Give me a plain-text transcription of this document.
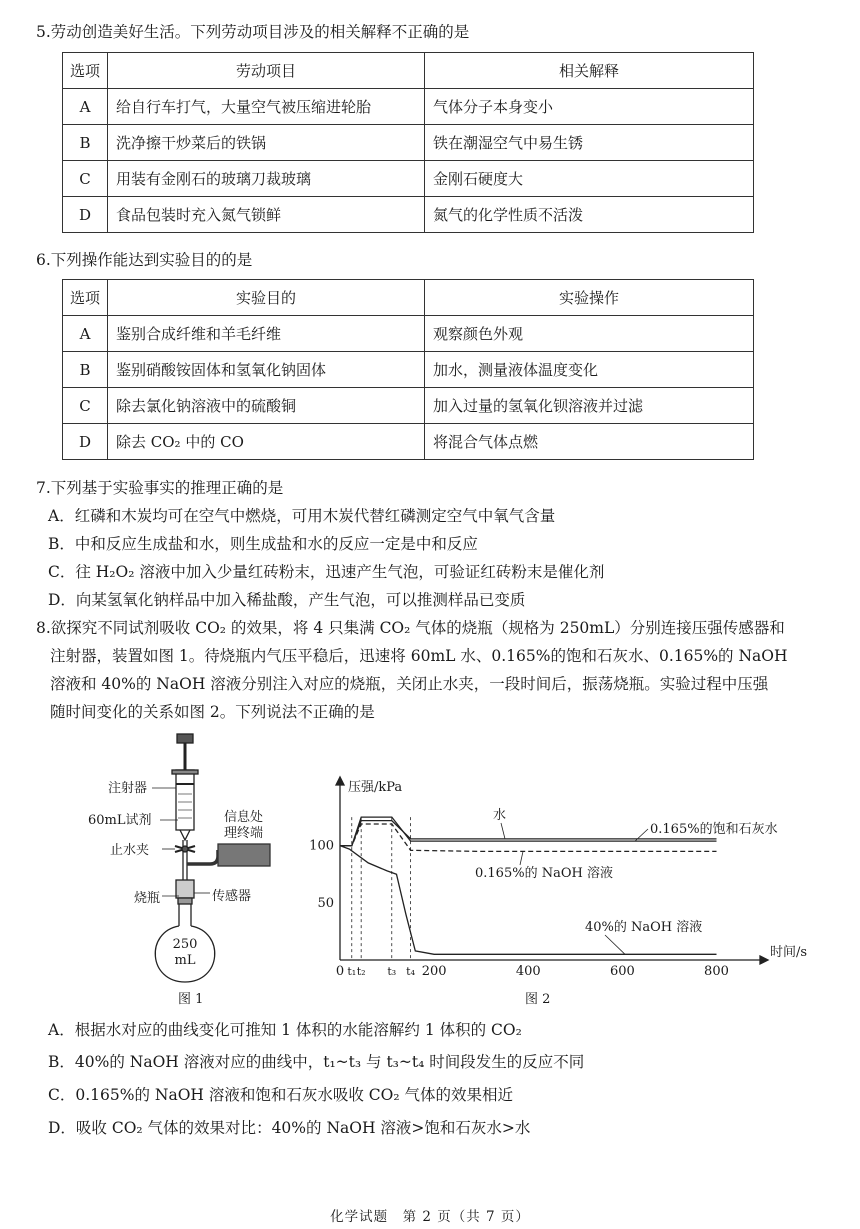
5.劳动创造美好生活。下列劳动项目涉及的相关解释不正确的是
选项	劳动项目	相关解释
A	给自行车打气，大量空气被压缩进轮胎	气体分子本身变小
B	洗净擦干炒菜后的铁锅	铁在潮湿空气中易生锈
C	用装有金刚石的玻璃刀裁玻璃	金刚石硬度大
D	食品包装时充入氮气锁鲜	氮气的化学性质不活泼
6.下列操作能达到实验目的的是
选项	实验目的	实验操作
A	鉴别合成纤维和羊毛纤维	观察颜色外观
B	鉴别硝酸铵固体和氢氧化钠固体	加水，测量液体温度变化
C	除去氯化钠溶液中的硫酸铜	加入过量的氢氧化钡溶液并过滤
D	除去 CO₂ 中的 CO	将混合气体点燃
7.下列基于实验事实的推理正确的是
A．红磷和木炭均可在空气中燃烧，可用木炭代替红磷测定空气中氧气含量
B．中和反应生成盐和水，则生成盐和水的反应一定是中和反应
C．往 H₂O₂ 溶液中加入少量红砖粉末，迅速产生气泡，可验证红砖粉末是催化剂
D．向某氢氧化钠样品中加入稀盐酸，产生气泡，可以推测样品已变质
8.欲探究不同试剂吸收 CO₂ 的效果，将 4 只集满 CO₂ 气体的烧瓶（规格为 250mL）分别连接压强传感器和
注射器，装置如图 1。待烧瓶内气压平稳后，迅速将 60mL 水、0.165%的饱和石灰水、0.165%的 NaOH
溶液和 40%的 NaOH 溶液分别注入对应的烧瓶，关闭止水夹，一段时间后，振荡烧瓶。实验过程中压强
随时间变化的关系如图 2。下列说法不正确的是
注射器
60mL试剂	信息处
理终端
止水夹
烧瓶	传感器
250
mL
图 1
压强/kPa
时间/s
50
100
0 t₁ t₂ t₃ t₄ 200	400	600	800
水
0.165%的饱和石灰水
0.165%的 NaOH 溶液
40%的 NaOH 溶液
图 2
A．根据水对应的曲线变化可推知 1 体积的水能溶解约 1 体积的 CO₂
B．40%的 NaOH 溶液对应的曲线中，t₁~t₃ 与 t₃~t₄ 时间段发生的反应不同
C．0.165%的 NaOH 溶液和饱和石灰水吸收 CO₂ 气体的效果相近
D．吸收 CO₂ 气体的效果对比：40%的 NaOH 溶液>饱和石灰水>水
化学试题　第 2 页（共 7 页）
